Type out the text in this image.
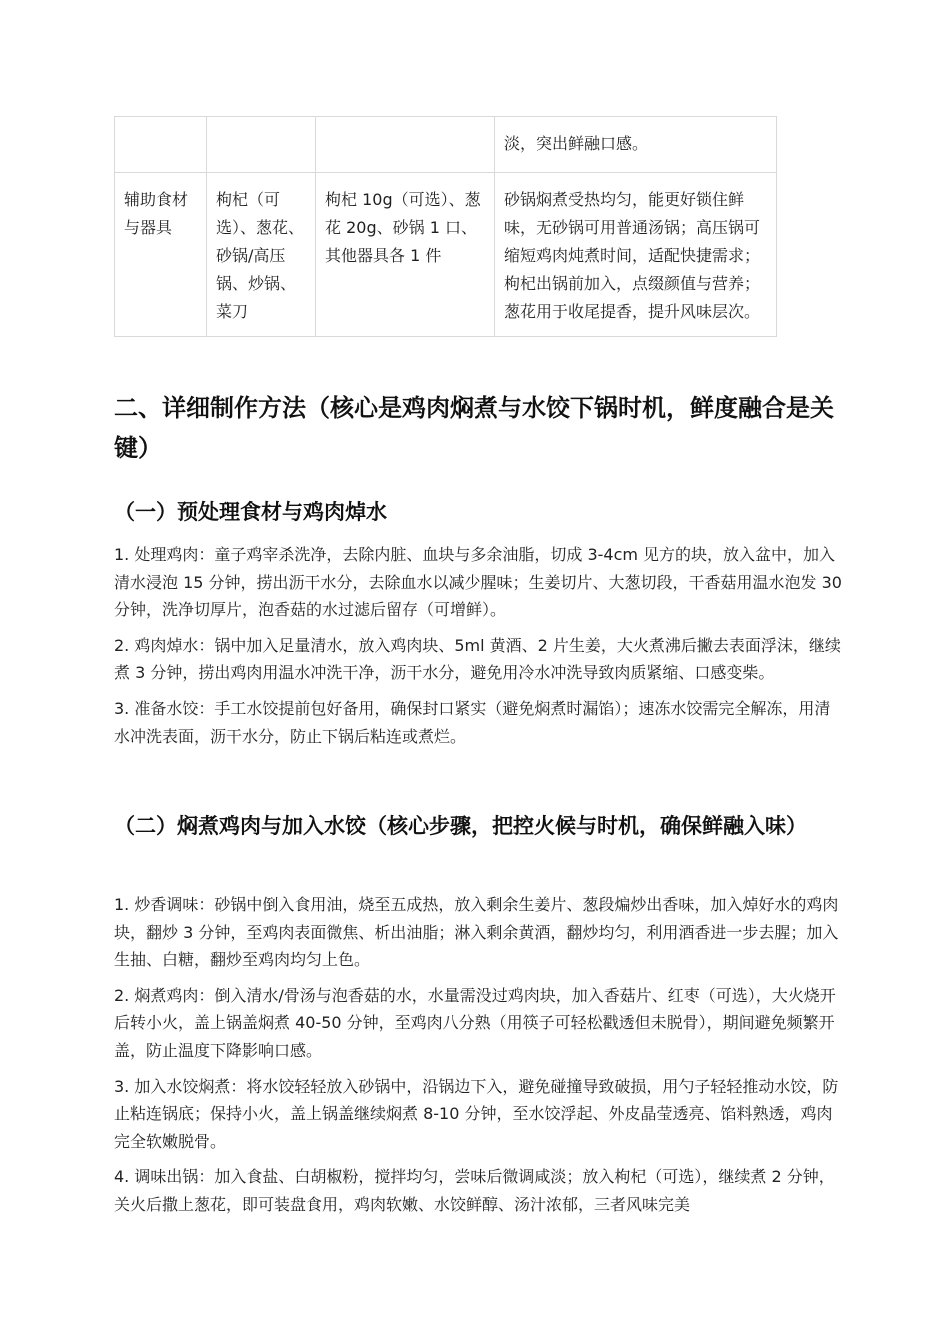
			淡，突出鲜融口感。
辅助食材与器具	枸杞（可选）、葱花、砂锅/高压锅、炒锅、菜刀	枸杞 10g（可选）、葱花 20g、砂锅 1 口、其他器具各 1 件	砂锅焖煮受热均匀，能更好锁住鲜味，无砂锅可用普通汤锅；高压锅可缩短鸡肉炖煮时间，适配快捷需求；枸杞出锅前加入，点缀颜值与营养；葱花用于收尾提香，提升风味层次。
二、详细制作方法（核心是鸡肉焖煮与水饺下锅时机，鲜度融合是关键）
（一）预处理食材与鸡肉焯水

1. 处理鸡肉：童子鸡宰杀洗净，去除内脏、血块与多余油脂，切成 3-4cm 见方的块，放入盆中，加入清水浸泡 15 分钟，捞出沥干水分，去除血水以减少腥味；生姜切片、大葱切段，干香菇用温水泡发 30 分钟，洗净切厚片，泡香菇的水过滤后留存（可增鲜）。

2. 鸡肉焯水：锅中加入足量清水，放入鸡肉块、5ml 黄酒、2 片生姜，大火煮沸后撇去表面浮沫，继续煮 3 分钟，捞出鸡肉用温水冲洗干净，沥干水分，避免用冷水冲洗导致肉质紧缩、口感变柴。

3. 准备水饺：手工水饺提前包好备用，确保封口紧实（避免焖煮时漏馅）；速冻水饺需完全解冻，用清水冲洗表面，沥干水分，防止下锅后粘连或煮烂。

（二）焖煮鸡肉与加入水饺（核心步骤，把控火候与时机，确保鲜融入味）

1. 炒香调味：砂锅中倒入食用油，烧至五成热，放入剩余生姜片、葱段煸炒出香味，加入焯好水的鸡肉块，翻炒 3 分钟，至鸡肉表面微焦、析出油脂；淋入剩余黄酒，翻炒均匀，利用酒香进一步去腥；加入生抽、白糖，翻炒至鸡肉均匀上色。

2. 焖煮鸡肉：倒入清水/骨汤与泡香菇的水，水量需没过鸡肉块，加入香菇片、红枣（可选），大火烧开后转小火，盖上锅盖焖煮 40-50 分钟，至鸡肉八分熟（用筷子可轻松戳透但未脱骨），期间避免频繁开盖，防止温度下降影响口感。

3. 加入水饺焖煮：将水饺轻轻放入砂锅中，沿锅边下入，避免碰撞导致破损，用勺子轻轻推动水饺，防止粘连锅底；保持小火，盖上锅盖继续焖煮 8-10 分钟，至水饺浮起、外皮晶莹透亮、馅料熟透，鸡肉完全软嫩脱骨。

4. 调味出锅：加入食盐、白胡椒粉，搅拌均匀，尝味后微调咸淡；放入枸杞（可选），继续煮 2 分钟，关火后撒上葱花，即可装盘食用，鸡肉软嫩、水饺鲜醇、汤汁浓郁，三者风味完美
